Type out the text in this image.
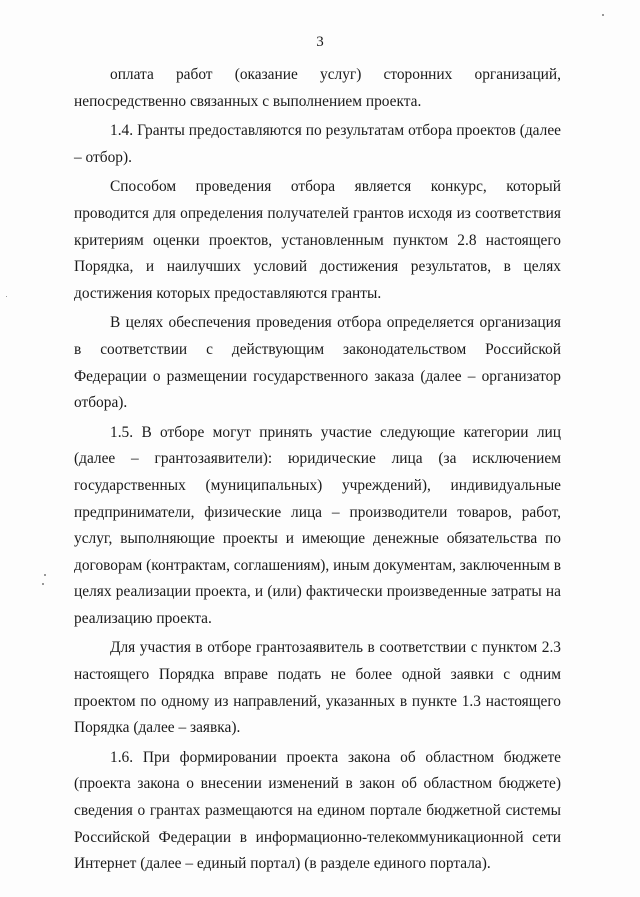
3

оплата работ (оказание услуг) сторонних организаций, непосредственно связанных с выполнением проекта.

1.4. Гранты предоставляются по результатам отбора проектов (далее – отбор).

Способом проведения отбора является конкурс, который проводится для определения получателей грантов исходя из соответствия критериям оценки проектов, установленным пунктом 2.8 настоящего Порядка, и наилучших условий достижения результатов, в целях достижения которых предоставляются гранты.

В целях обеспечения проведения отбора определяется организация в соответствии с действующим законодательством Российской Федерации о размещении государственного заказа (далее – организатор отбора).

1.5. В отборе могут принять участие следующие категории лиц (далее – грантозаявители): юридические лица (за исключением государственных (муниципальных) учреждений), индивидуальные предприниматели, физические лица – производители товаров, работ, услуг, выполняющие проекты и имеющие денежные обязательства по договорам (контрактам, соглашениям), иным документам, заключенным в целях реализации проекта, и (или) фактически произведенные затраты на реализацию проекта.

Для участия в отборе грантозаявитель в соответствии с пунктом 2.3 настоящего Порядка вправе подать не более одной заявки с одним проектом по одному из направлений, указанных в пункте 1.3 настоящего Порядка (далее – заявка).

1.6. При формировании проекта закона об областном бюджете (проекта закона о внесении изменений в закон об областном бюджете) сведения о грантах размещаются на едином портале бюджетной системы Российской Федерации в информационно-телекоммуникационной сети Интернет (далее – единый портал) (в разделе единого портала).
